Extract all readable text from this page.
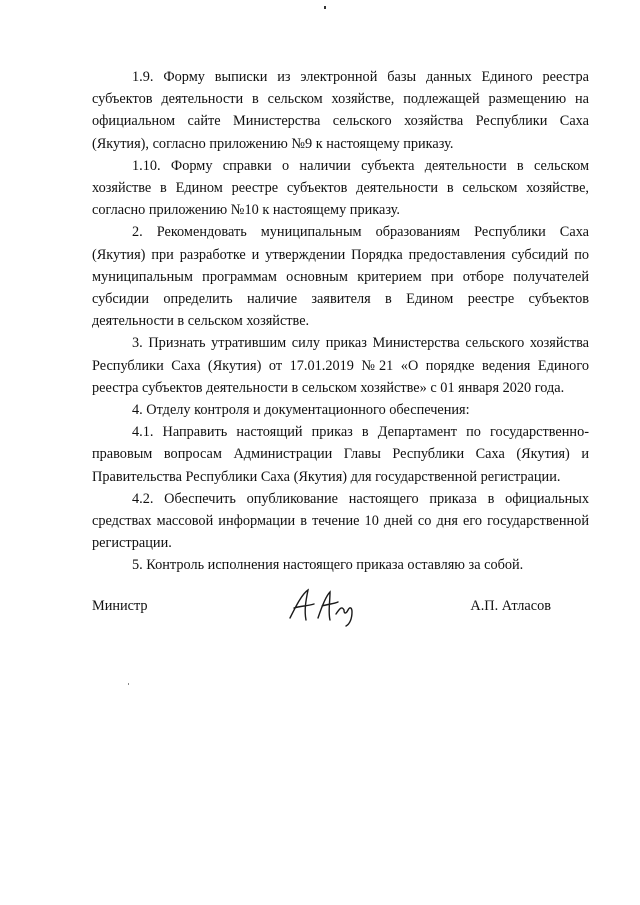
1.9. Форму выписки из электронной базы данных Единого реестра субъектов деятельности в сельском хозяйстве, подлежащей размещению на официальном сайте Министерства сельского хозяйства Республики Саха (Якутия), согласно приложению №9 к настоящему приказу.

1.10. Форму справки о наличии субъекта деятельности в сельском хозяйстве в Едином реестре субъектов деятельности в сельском хозяйстве, согласно приложению №10 к настоящему приказу.

2. Рекомендовать муниципальным образованиям Республики Саха (Якутия) при разработке и утверждении Порядка предоставления субсидий по муниципальным программам основным критерием при отборе получателей субсидии определить наличие заявителя в Едином реестре субъектов деятельности в сельском хозяйстве.

3. Признать утратившим силу приказ Министерства сельского хозяйства Республики Саха (Якутия) от 17.01.2019 №21 «О порядке ведения Единого реестра субъектов деятельности в сельском хозяйстве» с 01 января 2020 года.

4. Отделу контроля и документационного обеспечения:

4.1. Направить настоящий приказ в Департамент по государственно-правовым вопросам Администрации Главы Республики Саха (Якутия) и Правительства Республики Саха (Якутия) для государственной регистрации.

4.2. Обеспечить опубликование настоящего приказа в официальных средствах массовой информации в течение 10 дней со дня его государственной регистрации.

5. Контроль исполнения настоящего приказа оставляю за собой.

Министр	А.П. Атласов
